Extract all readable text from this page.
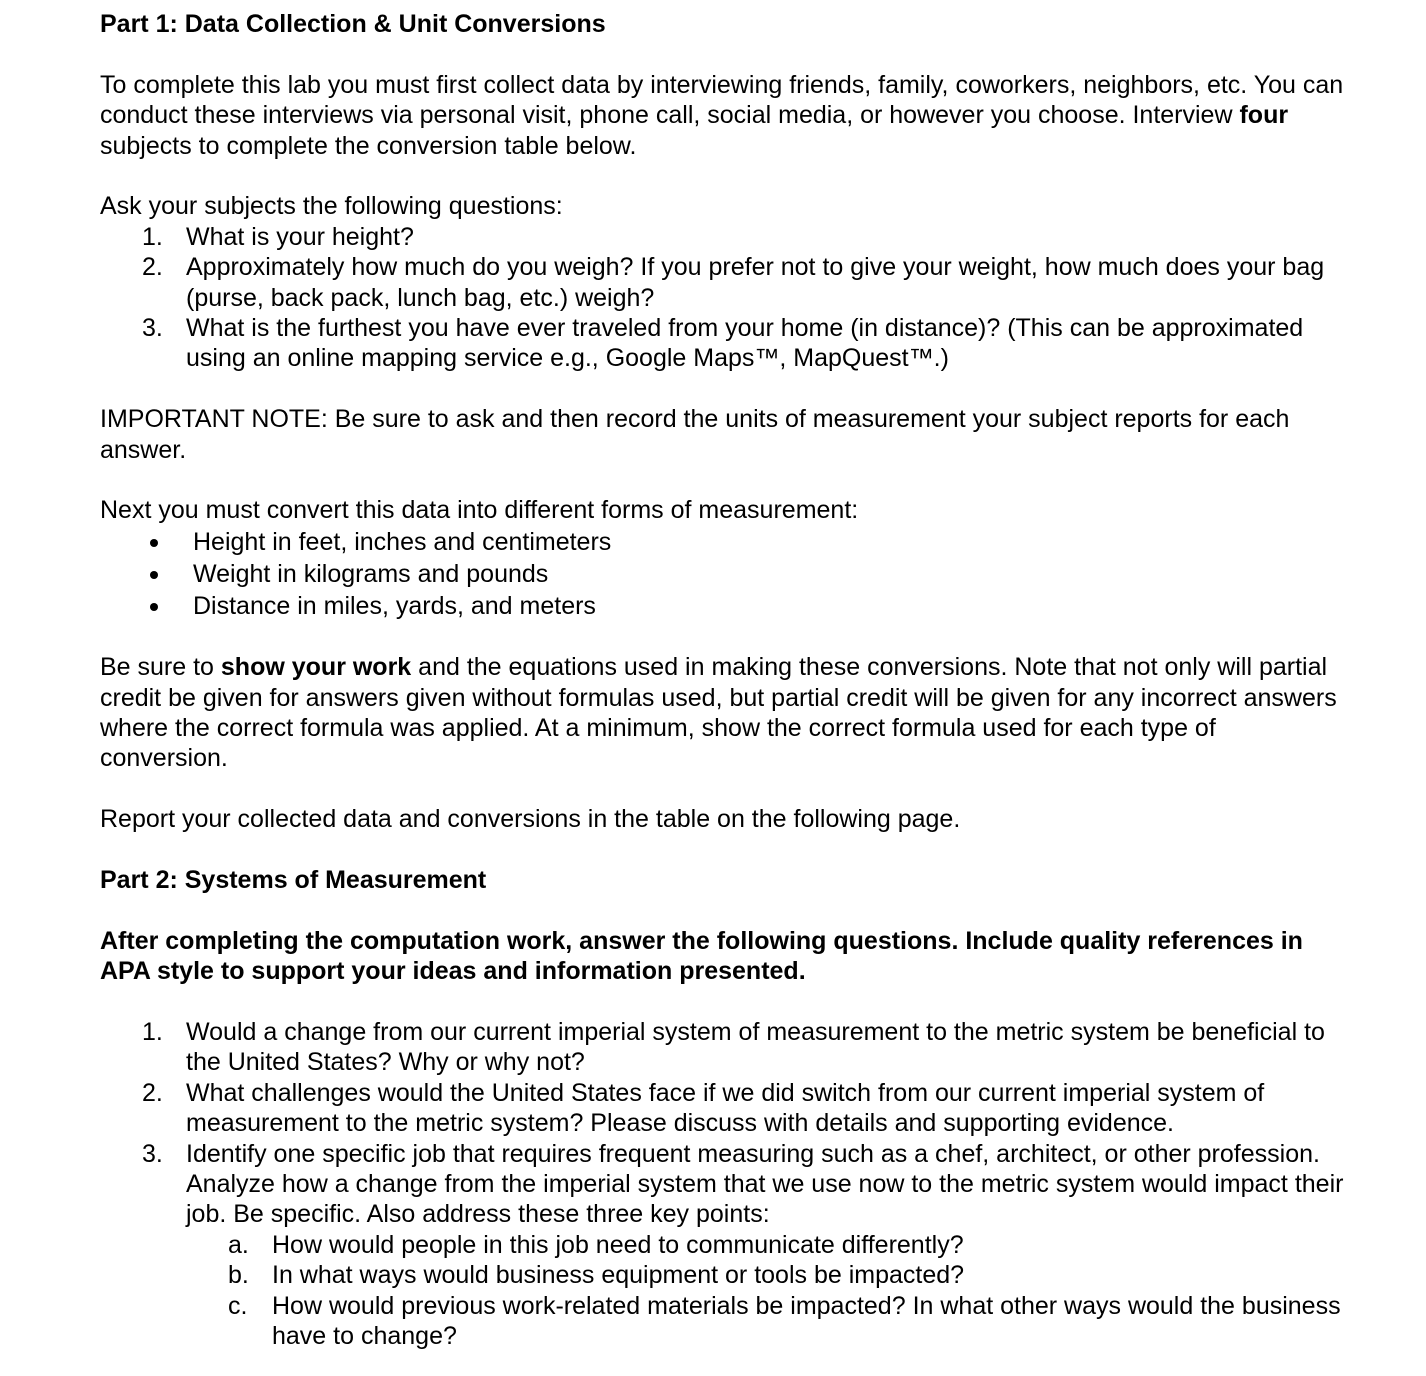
Part 1: Data Collection & Unit Conversions

To complete this lab you must first collect data by interviewing friends, family, coworkers, neighbors, etc. You can conduct these interviews via personal visit, phone call, social media, or however you choose. Interview four subjects to complete the conversion table below.

Ask your subjects the following questions:

1. What is your height?
2. Approximately how much do you weigh? If you prefer not to give your weight, how much does your bag (purse, back pack, lunch bag, etc.) weigh?
3. What is the furthest you have ever traveled from your home (in distance)? (This can be approximated using an online mapping service e.g., Google Maps™, MapQuest™.)

IMPORTANT NOTE: Be sure to ask and then record the units of measurement your subject reports for each answer.

Next you must convert this data into different forms of measurement:

Height in feet, inches and centimeters
Weight in kilograms and pounds
Distance in miles, yards, and meters

Be sure to show your work and the equations used in making these conversions. Note that not only will partial credit be given for answers given without formulas used, but partial credit will be given for any incorrect answers where the correct formula was applied. At a minimum, show the correct formula used for each type of conversion.

Report your collected data and conversions in the table on the following page.

Part 2: Systems of Measurement

After completing the computation work, answer the following questions. Include quality references in APA style to support your ideas and information presented.

1. Would a change from our current imperial system of measurement to the metric system be beneficial to the United States? Why or why not?
2. What challenges would the United States face if we did switch from our current imperial system of measurement to the metric system? Please discuss with details and supporting evidence.
3. Identify one specific job that requires frequent measuring such as a chef, architect, or other profession. Analyze how a change from the imperial system that we use now to the metric system would impact their job. Be specific. Also address these three key points:
a. How would people in this job need to communicate differently?
b. In what ways would business equipment or tools be impacted?
c. How would previous work-related materials be impacted? In what other ways would the business have to change?
